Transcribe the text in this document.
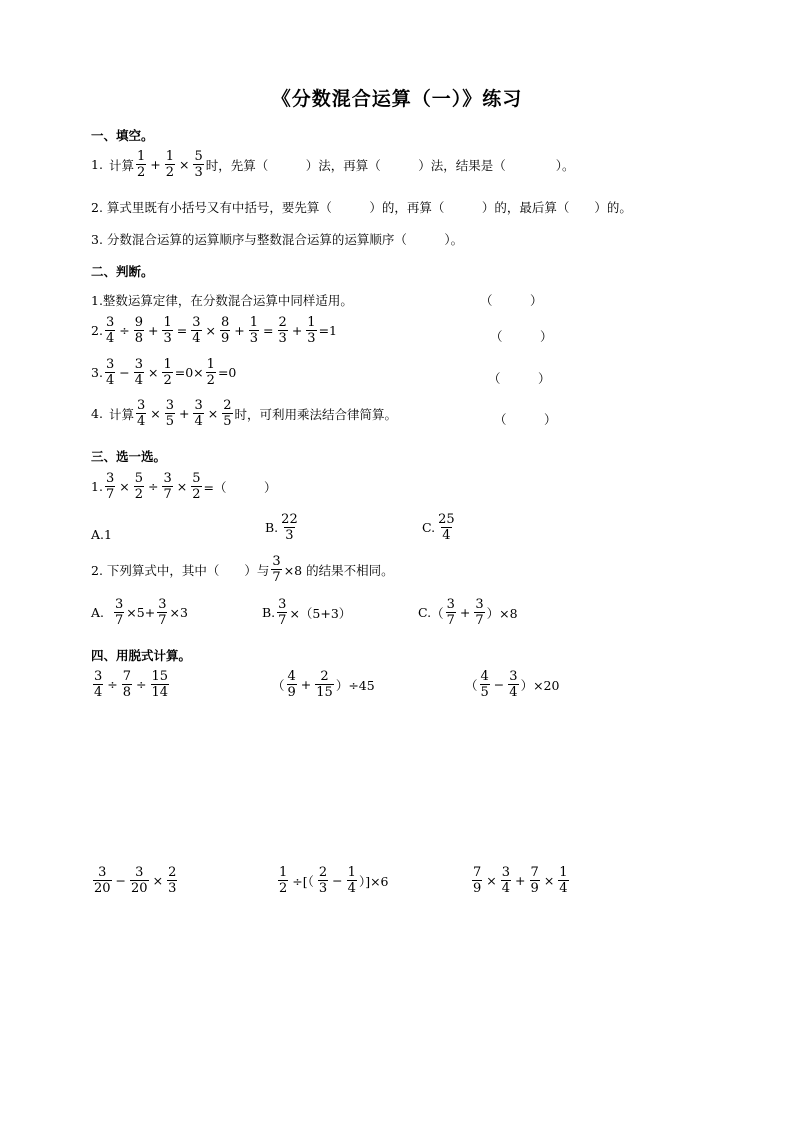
《分数混合运算（一）》练习
一、填空。
1. 计算 $\frac{1}{2} + \frac{1}{2} \times \frac{5}{3}$ 时，先算（　　　）法，再算（　　　）法，结果是（　　　　）。
2. 算式里既有小括号又有中括号，要先算（　　　）的，再算（　　　）的，最后算（　　）的。
3. 分数混合运算的运算顺序与整数混合运算的运算顺序（　　　）。
二、判断。
1.整数运算定律，在分数混合运算中同样适用。	（　　　）
2. $\frac{3}{4} \div \frac{9}{8} + \frac{1}{3} = \frac{3}{4} \times \frac{8}{9} + \frac{1}{3} = \frac{2}{3} + \frac{1}{3} =1$	（　　　）
3. $\frac{3}{4} - \frac{3}{4} \times \frac{1}{2} =0\times \frac{1}{2} =0$	（　　　）
4. 计算 $\frac{3}{4} \times \frac{3}{5} + \frac{3}{4} \times \frac{2}{5}$ 时，可利用乘法结合律简算。	（　　　）
三、选一选。
1. $\frac{3}{7} \times \frac{5}{2} \div \frac{3}{7} \times \frac{5}{2}$ =（　　　）
A.1	B. $\frac{22}{3}$	C. $\frac{25}{4}$
2. 下列算式中，其中（　　）与 $\frac{3}{7} \times 8$ 的结果不相同。
A. $\frac{3}{7} \times 5+ \frac{3}{7} \times 3$	B. $\frac{3}{7} \times(5+3)$	C. （ $\frac{3}{7} + \frac{3}{7} )\times 8$
四、用脱式计算。
$\frac{3}{4} \div \frac{7}{8} \div \frac{15}{14}$	（ $\frac{4}{9} + \frac{2}{15} )\div 45$	（ $\frac{4}{5} - \frac{3}{4} )\times 20$
$\frac{3}{20} - \frac{3}{20} \times \frac{2}{3}$	$\frac{1}{2}$ ÷[（ $\frac{2}{3} - \frac{1}{4} )]\times 6$	$\frac{7}{9} \times \frac{3}{4} + \frac{7}{9} \times \frac{1}{4}$
